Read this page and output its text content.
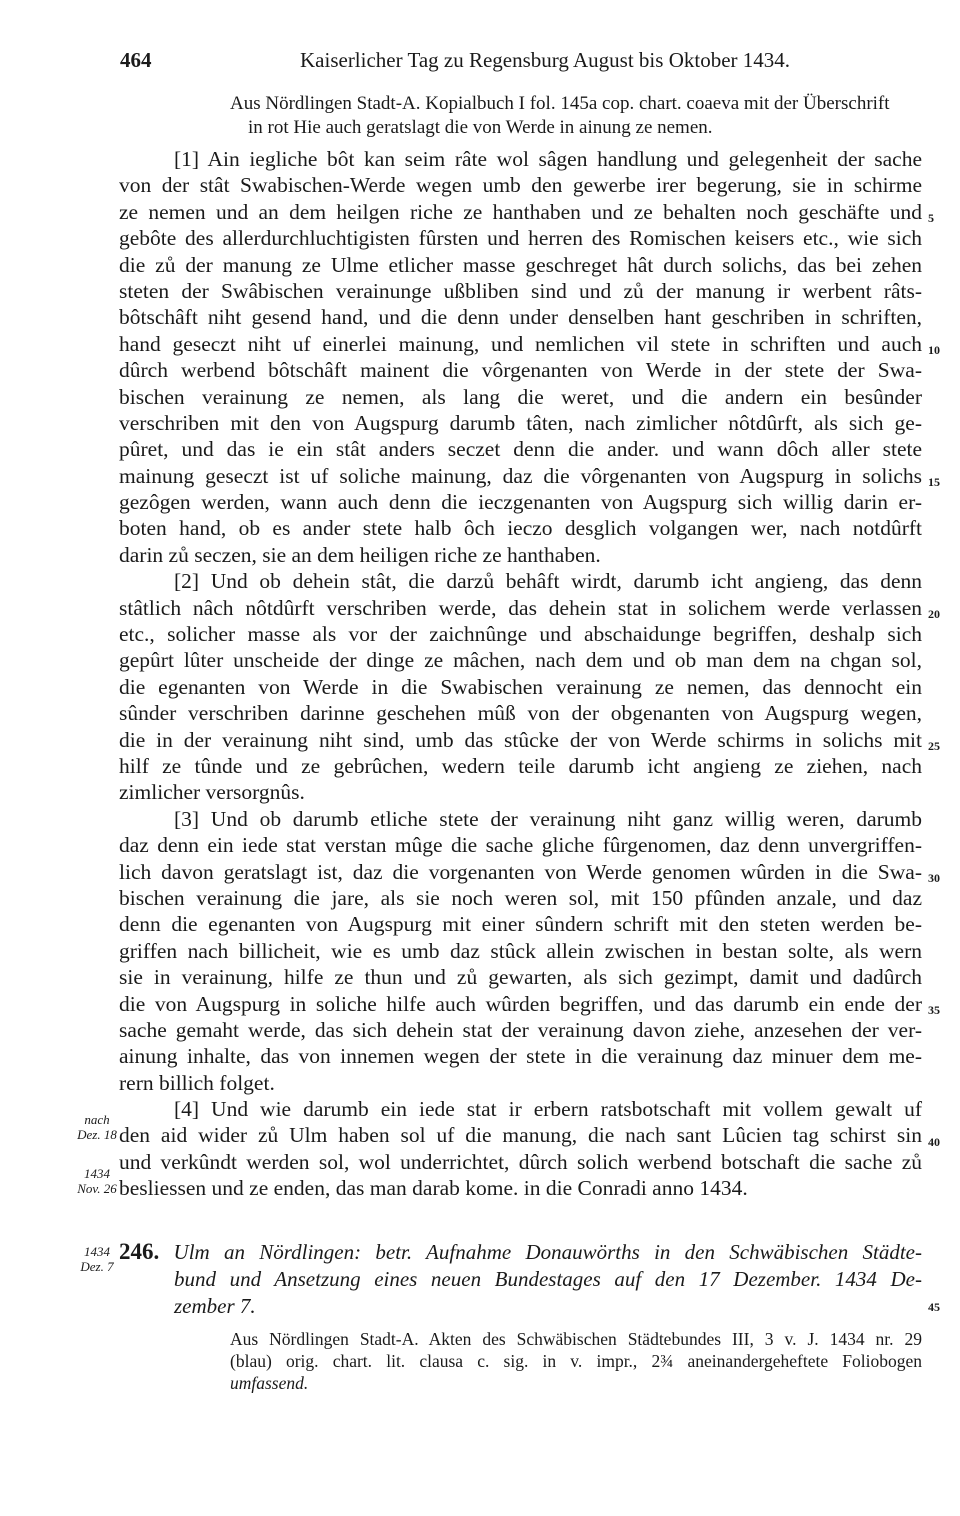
464	Kaiserlicher Tag zu Regensburg August bis Oktober 1434.
Aus Nördlingen Stadt-A. Kopialbuch I fol. 145a cop. chart. coaeva mit der Überschrift
in rot Hie auch geratslagt die von Werde in ainung ze nemen.
[1] Ain iegliche bôt kan seim râte wol sâgen handlung und gelegenheit der sache
von der stât Swabischen-Werde wegen umb den gewerbe irer begerung, sie in schirme
ze nemen und an dem heilgen riche ze hanthaben und ze behalten noch geschäfte und
gebôte des allerdurchluchtigisten fûrsten und herren des Romischen keisers etc., wie sich
die zů der manung ze Ulme etlicher masse geschreget hât durch solichs, das bei zehen
steten der Swâbischen verainunge ußbliben sind und zů der manung ir werbent râts-
bôtschâft niht gesend hand, und die denn under denselben hant geschriben in schriften,
hand geseczt niht uf einerlei mainung, und nemlichen vil stete in schriften und auch
dûrch werbend bôtschâft mainent die vôrgenanten von Werde in der stete der Swa-
bischen verainung ze nemen, als lang die weret, und die andern ein besûnder
verschriben mit den von Augspurg darumb tâten, nach zimlicher nôtdûrft, als sich ge-
pûret, und das ie ein stât anders seczet denn die ander. und wann dôch aller stete
mainung geseczt ist uf soliche mainung, daz die vôrgenanten von Augspurg in solichs
gezôgen werden, wann auch denn die ieczgenanten von Augspurg sich willig darin er-
boten hand, ob es ander stete halb ôch ieczo desglich volgangen wer, nach notdûrft
darin zů seczen, sie an dem heiligen riche ze hanthaben.
[2] Und ob dehein stât, die darzů behâft wirdt, darumb icht angieng, das denn
stâtlich nâch nôtdûrft verschriben werde, das dehein stat in solichem werde verlassen
etc., solicher masse als vor der zaichnûnge und abschaidunge begriffen, deshalp sich
gepûrt lûter unscheide der dinge ze mâchen, nach dem und ob man dem na chgan sol,
die egenanten von Werde in die Swabischen verainung ze nemen, das dennocht ein
sûnder verschriben darinne geschehen mûß von der obgenanten von Augspurg wegen,
die in der verainung niht sind, umb das stûcke der von Werde schirms in solichs mit
hilf ze tûnde und ze gebrûchen, wedern teile darumb icht angieng ze ziehen, nach
zimlicher versorgnûs.
[3] Und ob darumb etliche stete der verainung niht ganz willig weren, darumb
daz denn ein iede stat verstan mûge die sache gliche fûrgenomen, daz denn unvergriffen-
lich davon geratslagt ist, daz die vorgenanten von Werde genomen wûrden in die Swa-
bischen verainung die jare, als sie noch weren sol, mit 150 pfûnden anzale, und daz
denn die egenanten von Augspurg mit einer sûndern schrift mit den steten werden be-
griffen nach billicheit, wie es umb daz stûck allein zwischen in bestan solte, als wern
sie in verainung, hilfe ze thun und zů gewarten, als sich gezimpt, damit und dadûrch
die von Augspurg in soliche hilfe auch wûrden begriffen, und das darumb ein ende der
sache gemaht werde, das sich dehein stat der verainung davon ziehe, anzesehen der ver-
ainung inhalte, das von innemen wegen der stete in die verainung daz minuer dem me-
rern billich folget.
[4] Und wie darumb ein iede stat ir erbern ratsbotschaft mit vollem gewalt uf
den aid wider zů Ulm haben sol uf die manung, die nach sant Lûcien tag schirst sin
und verkûndt werden sol, wol underrichtet, dûrch solich werbend botschaft die sache zů
besliessen und ze enden, das man darab kome. in die Conradi anno 1434.
5
10
15
20
25
30
35
40
45
nach
Dez. 18
1434
Nov. 26
1434
Dez. 7
246. Ulm an Nördlingen: betr. Aufnahme Donauwörths in den Schwäbischen Städte-
bund und Ansetzung eines neuen Bundestages auf den 17 Dezember. 1434 De-
zember 7.
Aus Nördlingen Stadt-A. Akten des Schwäbischen Städtebundes III, 3 v. J. 1434 nr. 29
(blau) orig. chart. lit. clausa c. sig. in v. impr., 2¾ aneinandergeheftete Foliobogen
umfassend.
